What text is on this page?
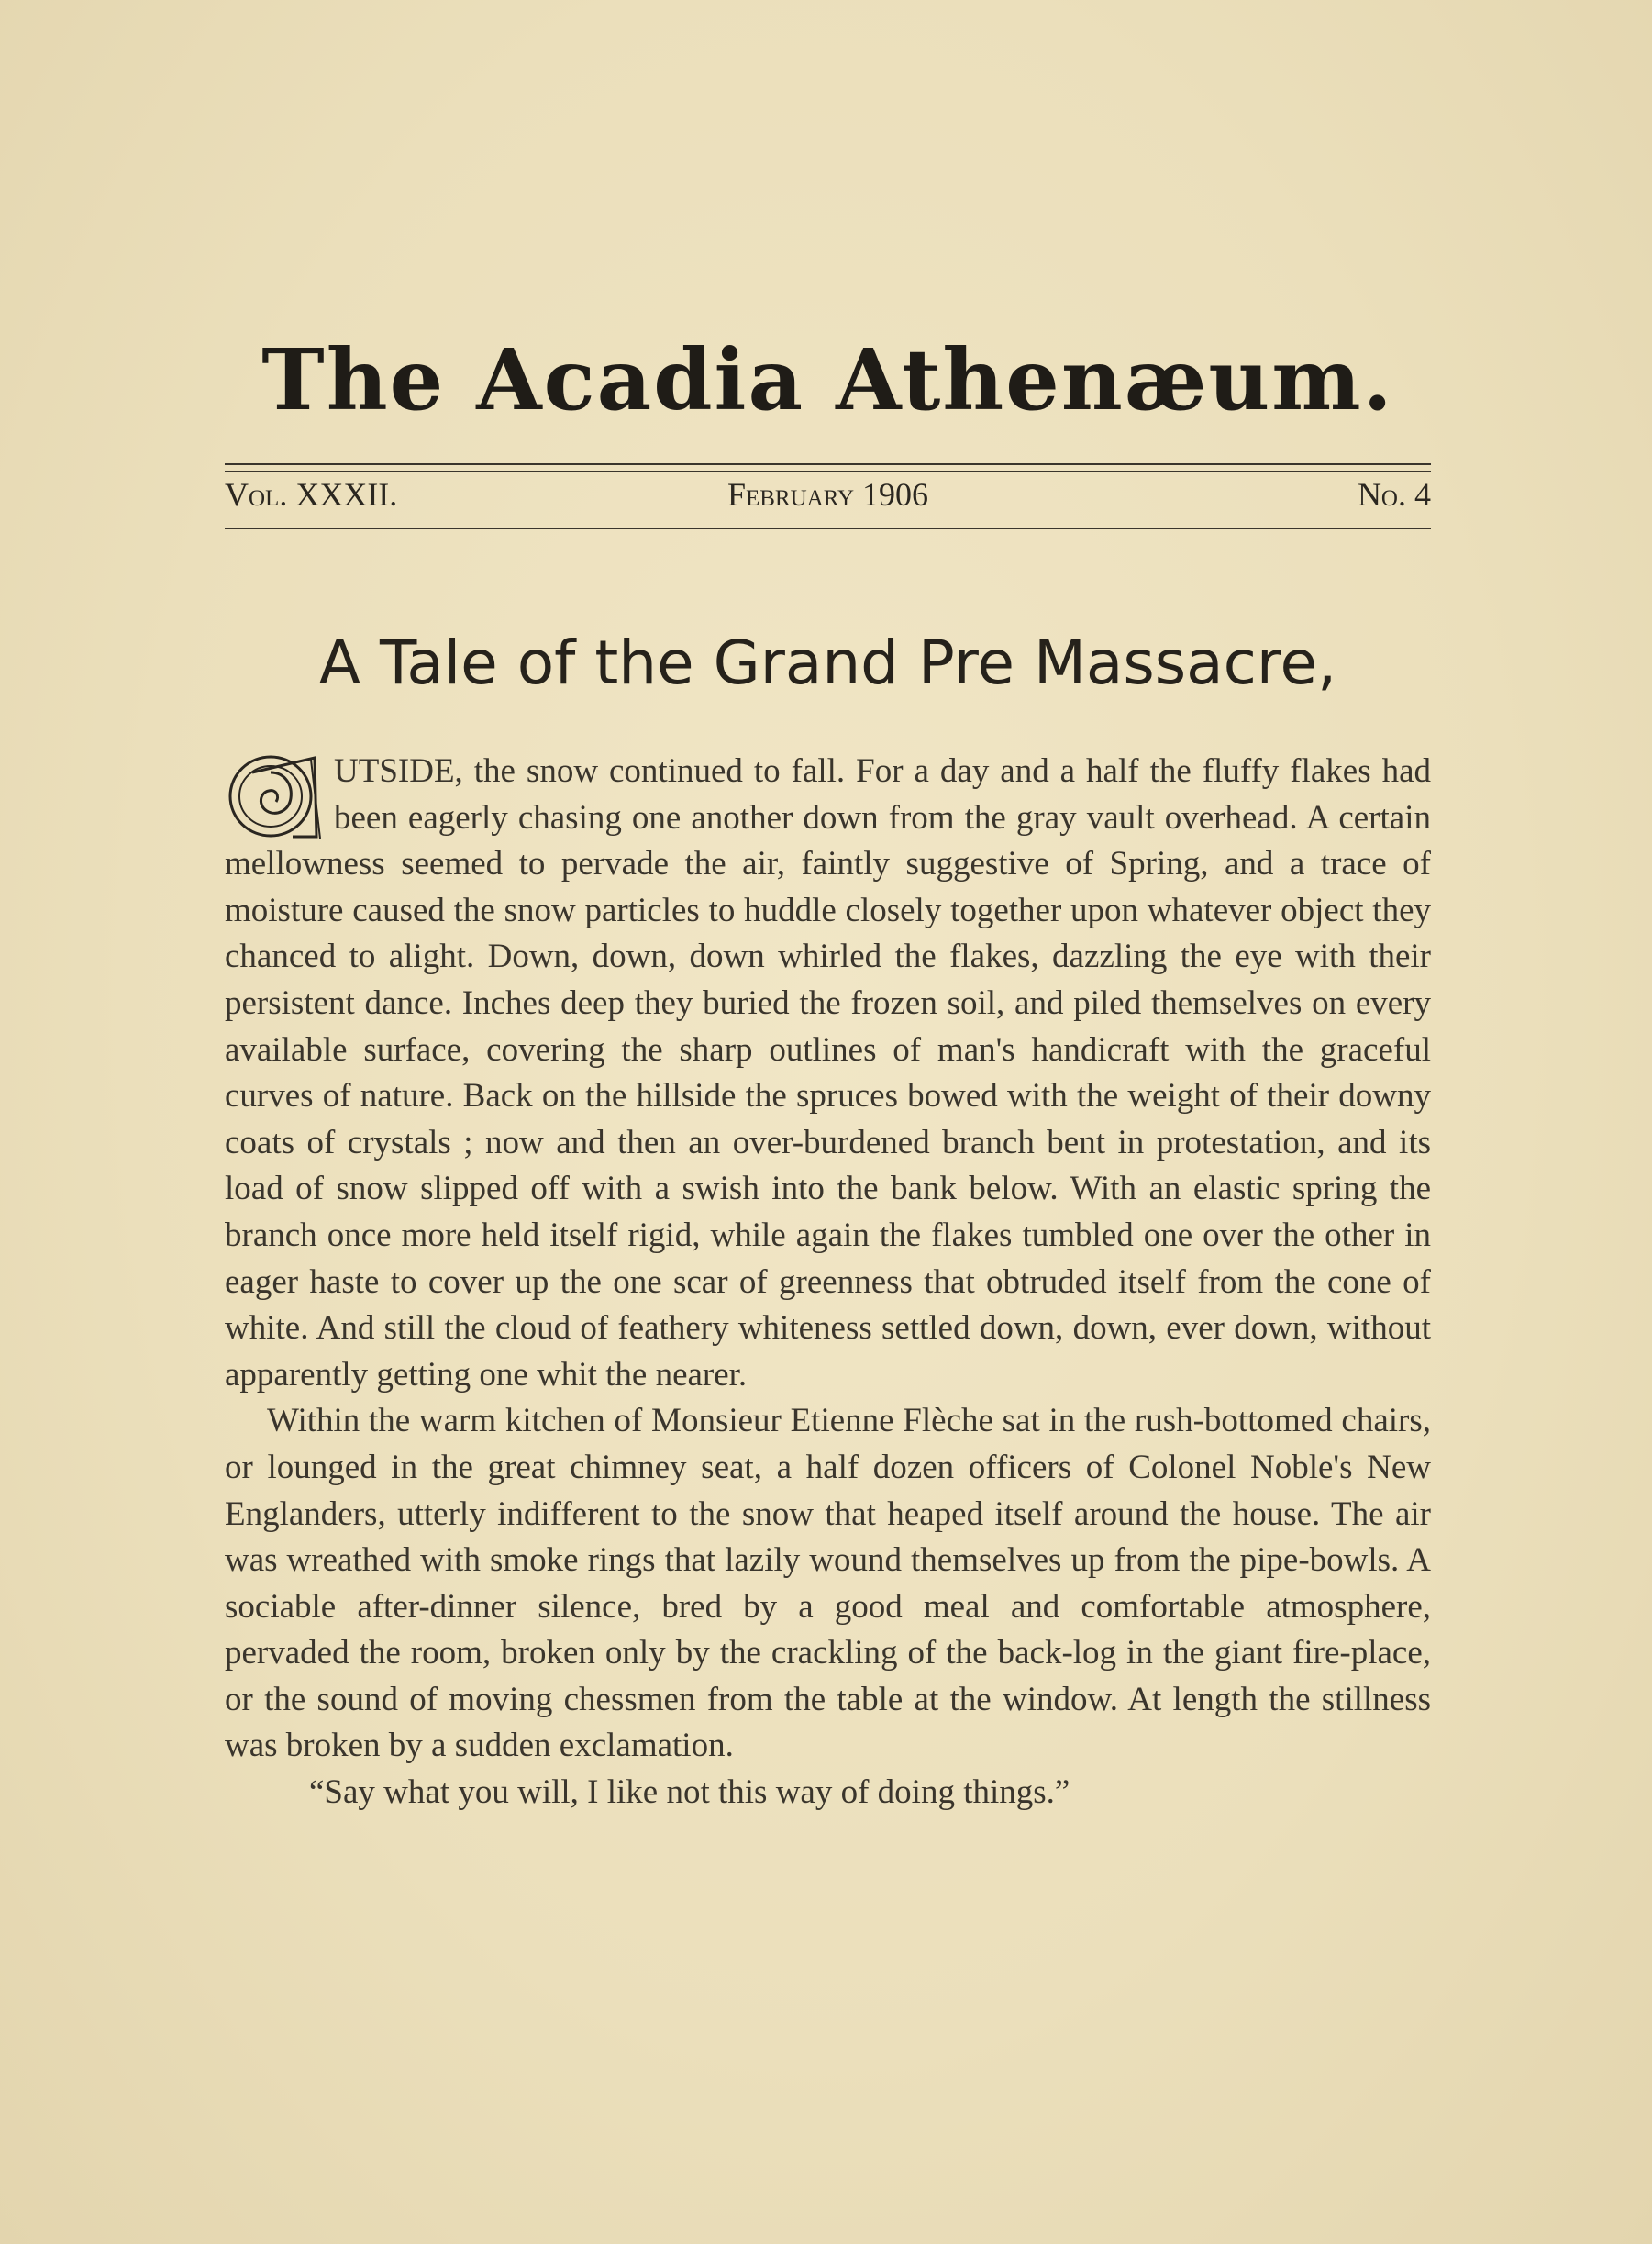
The Acadia Athenæum.
Vol. XXXII.	February 1906	No. 4
A Tale of the Grand Pre Massacre,

UTSIDE, the snow continued to fall. For a day and a half the fluffy flakes had been eagerly chasing one another down from the gray vault overhead. A certain mellowness seemed to pervade the air, faintly suggestive of Spring, and a trace of moisture caused the snow particles to huddle closely together upon whatever object they chanced to alight. Down, down, down whirled the flakes, dazzling the eye with their persistent dance. Inches deep they buried the frozen soil, and piled themselves on every available surface, covering the sharp outlines of man's handicraft with the graceful curves of nature. Back on the hillside the spruces bowed with the weight of their downy coats of crystals ; now and then an over-burdened branch bent in protestation, and its load of snow slipped off with a swish into the bank below. With an elastic spring the branch once more held itself rigid, while again the flakes tumbled one over the other in eager haste to cover up the one scar of greenness that obtruded itself from the cone of white. And still the cloud of feathery whiteness settled down, down, ever down, without apparently getting one whit the nearer.

Within the warm kitchen of Monsieur Etienne Flèche sat in the rush-bottomed chairs, or lounged in the great chimney seat, a half dozen officers of Colonel Noble's New Englanders, utterly indifferent to the snow that heaped itself around the house. The air was wreathed with smoke rings that lazily wound themselves up from the pipe-bowls. A sociable after-dinner silence, bred by a good meal and comfortable atmosphere, pervaded the room, broken only by the crackling of the back-log in the giant fire-place, or the sound of moving chessmen from the table at the window. At length the stillness was broken by a sudden exclamation.

“Say what you will, I like not this way of doing things.”
